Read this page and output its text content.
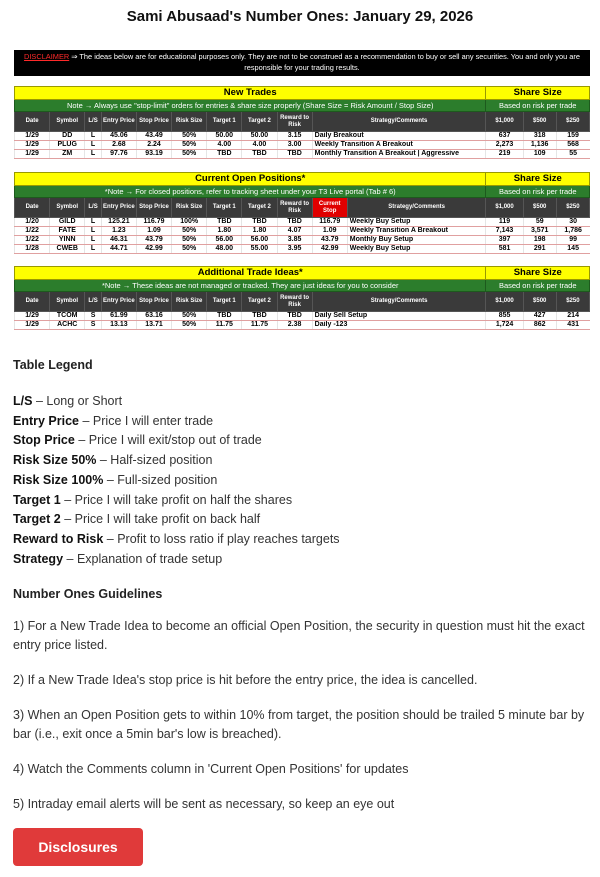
Sami Abusaad's Number Ones: January 29, 2026
DISCLAIMER ⇒ The ideas below are for educational purposes only. They are not to be construed as a recommendation to buy or sell any securities. You and only you are responsible for your trading results.
New Trades										Share Size		
Note → Always use "stop-limit" orders for entries & share size properly (Share Size = Risk Amount / Stop Size)										Based on risk per trade		
Date	Symbol	L/S	Entry Price	Stop Price	Risk Size	Target 1	Target 2	Reward to Risk	Strategy/Comments	$1,000	$500	$250
1/29	DD	L	45.06	43.49	50%	50.00	50.00	3.15	Daily Breakout	637	318	159
1/29	PLUG	L	2.68	2.24	50%	4.00	4.00	3.00	Weekly Transition A Breakout	2,273	1,136	568
1/29	ZM	L	97.76	93.19	50%	TBD	TBD	TBD	Monthly Transition A Breakout | Aggressive	219	109	55
Current Open Positions*											Share Size		
*Note → For closed positions, refer to tracking sheet under your T3 Live portal (Tab # 6)											Based on risk per trade		
Date	Symbol	L/S	Entry Price	Stop Price	Risk Size	Target 1	Target 2	Reward to Risk	Current Stop	Strategy/Comments	$1,000	$500	$250
1/20	GILD	L	125.21	116.79	100%	TBD	TBD	TBD	116.79	Weekly Buy Setup	119	59	30
1/22	FATE	L	1.23	1.09	50%	1.80	1.80	4.07	1.09	Weekly Transition A Breakout	7,143	3,571	1,786
1/22	YINN	L	46.31	43.79	50%	56.00	56.00	3.85	43.79	Monthly Buy Setup	397	198	99
1/28	CWEB	L	44.71	42.99	50%	48.00	55.00	3.95	42.99	Weekly Buy Setup	581	291	145
Additional Trade Ideas*										Share Size		
*Note → These ideas are not managed or tracked. They are just ideas for you to consider										Based on risk per trade		
Date	Symbol	L/S	Entry Price	Stop Price	Risk Size	Target 1	Target 2	Reward to Risk	Strategy/Comments	$1,000	$500	$250
1/29	TCOM	S	61.99	63.16	50%	TBD	TBD	TBD	Daily Sell Setup	855	427	214
1/29	ACHC	S	13.13	13.71	50%	11.75	11.75	2.38	Daily -123	1,724	862	431
Table Legend
L/S – Long or Short
Entry Price – Price I will enter trade
Stop Price – Price I will exit/stop out of trade
Risk Size 50% – Half-sized position
Risk Size 100% – Full-sized position
Target 1 – Price I will take profit on half the shares
Target 2 – Price I will take profit on back half
Reward to Risk – Profit to loss ratio if play reaches targets
Strategy – Explanation of trade setup
Number Ones Guidelines
1) For a New Trade Idea to become an official Open Position, the security in question must hit the exact entry price listed.
2) If a New Trade Idea's stop price is hit before the entry price, the idea is cancelled.
3) When an Open Position gets to within 10% from target, the position should be trailed 5 minute bar by bar (i.e., exit once a 5min bar's low is breached).
4) Watch the Comments column in 'Current Open Positions' for updates
5) Intraday email alerts will be sent as necessary, so keep an eye out
Disclosures
